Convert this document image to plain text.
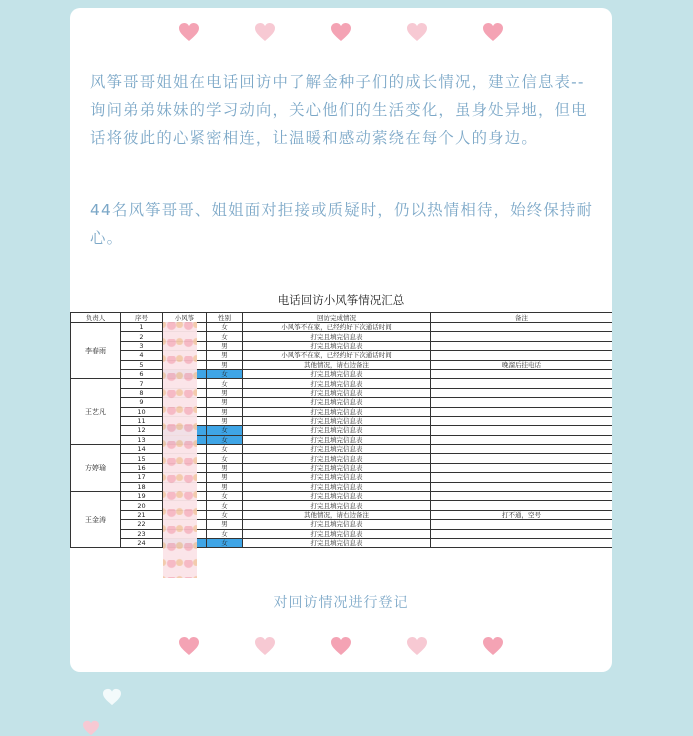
风筝哥哥姐姐在电话回访中了解金种子们的成长情况，建立信息表--询问弟弟妹妹的学习动向，关心他们的生活变化，虽身处异地，但电话将彼此的心紧密相连，让温暖和感动萦绕在每个人的身边。
44名风筝哥哥、姐姐面对拒接或质疑时，仍以热情相待，始终保持耐心。
电话回访小风筝情况汇总
负责人	序号	小风筝	性别	回访完成情况	备注
李春雨	1		女	小风筝不在家，已经约好下次通话时间	
	2		女	打完且填完信息表	
	3		男	打完且填完信息表	
	4		男	小风筝不在家，已经约好下次通话时间	
	5		男	其他情况，请右边备注	晚溜后挂电话
	6		女	打完且填完信息表	
王艺凡	7		女	打完且填完信息表	
	8		男	打完且填完信息表	
	9		男	打完且填完信息表	
	10		男	打完且填完信息表	
	11		男	打完且填完信息表	
	12		女	打完且填完信息表	
	13		女	打完且填完信息表	
方婷瑜	14		女	打完且填完信息表	
	15		女	打完且填完信息表	
	16		男	打完且填完信息表	
	17		男	打完且填完信息表	
	18		男	打完且填完信息表	
王金涛	19		女	打完且填完信息表	
	20		女	打完且填完信息表	
	21		女	其他情况，请右边备注	打不通，空号
	22		男	打完且填完信息表	
	23		女	打完且填完信息表	
	24		女	打完且填完信息表	
对回访情况进行登记
